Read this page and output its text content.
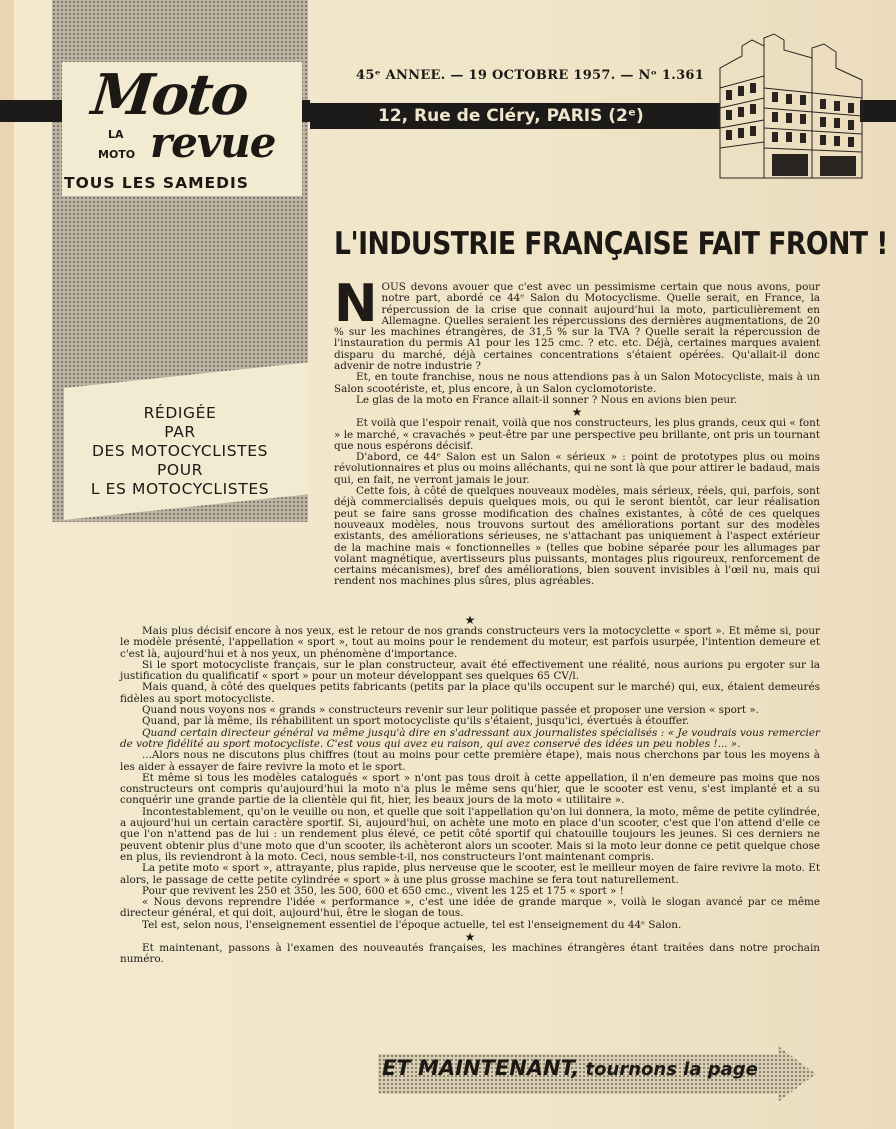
Moto
LA
MOTO revue
TOUS LES SAMEDIS
45ᵉ ANNEE. — 19 OCTOBRE 1957. — Nᵒ 1.361
12, Rue de Cléry, PARIS (2ᵉ)
RÉDIGÉE
PAR
DES MOTOCYCLISTES
POUR
L ES MOTOCYCLISTES
L'INDUSTRIE FRANÇAISE FAIT FRONT !

NOUS devons avouer que c'est avec un pessimisme certain que nous avons, pour notre part, abordé ce 44ᵉ Salon du Motocyclisme. Quelle serait, en France, la répercussion de la crise que connait aujourd'hui la moto, particulièrement en Allemagne. Quelles seraient les répercussions des dernières augmentations, de 20 % sur les machines étrangères, de 31,5 % sur la TVA ? Quelle serait la répercussion de l'instauration du permis A1 pour les 125 cmc. ? etc. etc. Déjà, certaines marques avaient disparu du marché, déjà certaines concentrations s'étaient opérées. Qu'allait-il donc advenir de notre industrie ?

Et, en toute franchise, nous ne nous attendions pas à un Salon Motocycliste, mais à un Salon scootériste, et, plus encore, à un Salon cyclomotoriste.

Le glas de la moto en France allait-il sonner ? Nous en avions bien peur.

★

Et voilà que l'espoir renait, voilà que nos constructeurs, les plus grands, ceux qui « font » le marché, « cravachés » peut-être par une perspective peu brillante, ont pris un tournant que nous espérons décisif.

D'abord, ce 44ᵉ Salon est un Salon « sérieux » : point de prototypes plus ou moins révolutionnaires et plus ou moins alléchants, qui ne sont là que pour attirer le badaud, mais qui, en fait, ne verront jamais le jour.

Cette fois, à côté de quelques nouveaux modèles, mais sérieux, réels, qui, parfois, sont déjà commercialisés depuis quelques mois, ou qui le seront bientôt, car leur réalisation peut se faire sans grosse modification des chaînes existantes, à côté de ces quelques nouveaux modèles, nous trouvons surtout des améliorations portant sur des modèles existants, des améliorations sérieuses, ne s'attachant pas uniquement à l'aspect extérieur de la machine mais « fonctionnelles » (telles que bobine séparée pour les allumages par volant magnétique, avertisseurs plus puissants, montages plus rigoureux, renforcement de certains mécanismes), bref des améliorations, bien souvent invisibles à l'œil nu, mais qui rendent nos machines plus sûres, plus agréables.

★

Mais plus décisif encore à nos yeux, est le retour de nos grands constructeurs vers la motocyclette « sport ». Et même si, pour le modèle présenté, l'appellation « sport », tout au moins pour le rendement du moteur, est parfois usurpée, l'intention demeure et c'est là, aujourd'hui et à nos yeux, un phénomène d'importance.

Si le sport motocycliste français, sur le plan constructeur, avait été effectivement une réalité, nous aurions pu ergoter sur la justification du qualificatif « sport » pour un moteur développant ses quelques 65 CV/l.

Mais quand, à côté des quelques petits fabricants (petits par la place qu'ils occupent sur le marché) qui, eux, étaient demeurés fidèles au sport motocycliste.

Quand nous voyons nos « grands » constructeurs revenir sur leur politique passée et proposer une version « sport ».

Quand, par là même, ils réhabilitent un sport motocycliste qu'ils s'étaient, jusqu'ici, évertués à étouffer.

Quand certain directeur général va même jusqu'à dire en s'adressant aux journalistes spécialisés : « Je voudrais vous remercier de votre fidélité au sport motocycliste. C'est vous qui avez eu raison, qui avez conservé des idées un peu nobles !... ».

...Alors nous ne discutons plus chiffres (tout au moins pour cette première étape), mais nous cherchons par tous les moyens à les aider à essayer de faire revivre la moto et le sport.

Et même si tous les modèles catalogués « sport » n'ont pas tous droit à cette appellation, il n'en demeure pas moins que nos constructeurs ont compris qu'aujourd'hui la moto n'a plus le même sens qu'hier, que le scooter est venu, s'est implanté et a su conquérir une grande partie de la clientèle qui fit, hier, les beaux jours de la moto « utilitaire ».

Incontestablement, qu'on le veuille ou non, et quelle que soit l'appellation qu'on lui donnera, la moto, même de petite cylindrée, a aujourd'hui un certain caractère sportif. Si, aujourd'hui, on achète une moto en place d'un scooter, c'est que l'on attend d'elle ce que l'on n'attend pas de lui : un rendement plus élevé, ce petit côté sportif qui chatouille toujours les jeunes. Si ces derniers ne peuvent obtenir plus d'une moto que d'un scooter, ils achèteront alors un scooter. Mais si la moto leur donne ce petit quelque chose en plus, ils reviendront à la moto. Ceci, nous semble-t-il, nos constructeurs l'ont maintenant compris.

La petite moto « sport », attrayante, plus rapide, plus nerveuse que le scooter, est le meilleur moyen de faire revivre la moto. Et alors, le passage de cette petite cylindrée « sport » à une plus grosse machine se fera tout naturellement.

Pour que revivent les 250 et 350, les 500, 600 et 650 cmc., vivent les 125 et 175 « sport » !

« Nous devons reprendre l'idée « performance », c'est une idée de grande marque », voilà le slogan avancé par ce même directeur général, et qui doit, aujourd'hui, être le slogan de tous.

Tel est, selon nous, l'enseignement essentiel de l'époque actuelle, tel est l'enseignement du 44ᵉ Salon.

★

Et maintenant, passons à l'examen des nouveautés françaises, les machines étrangères étant traitées dans notre prochain numéro.

ET MAINTENANT, tournons la page
